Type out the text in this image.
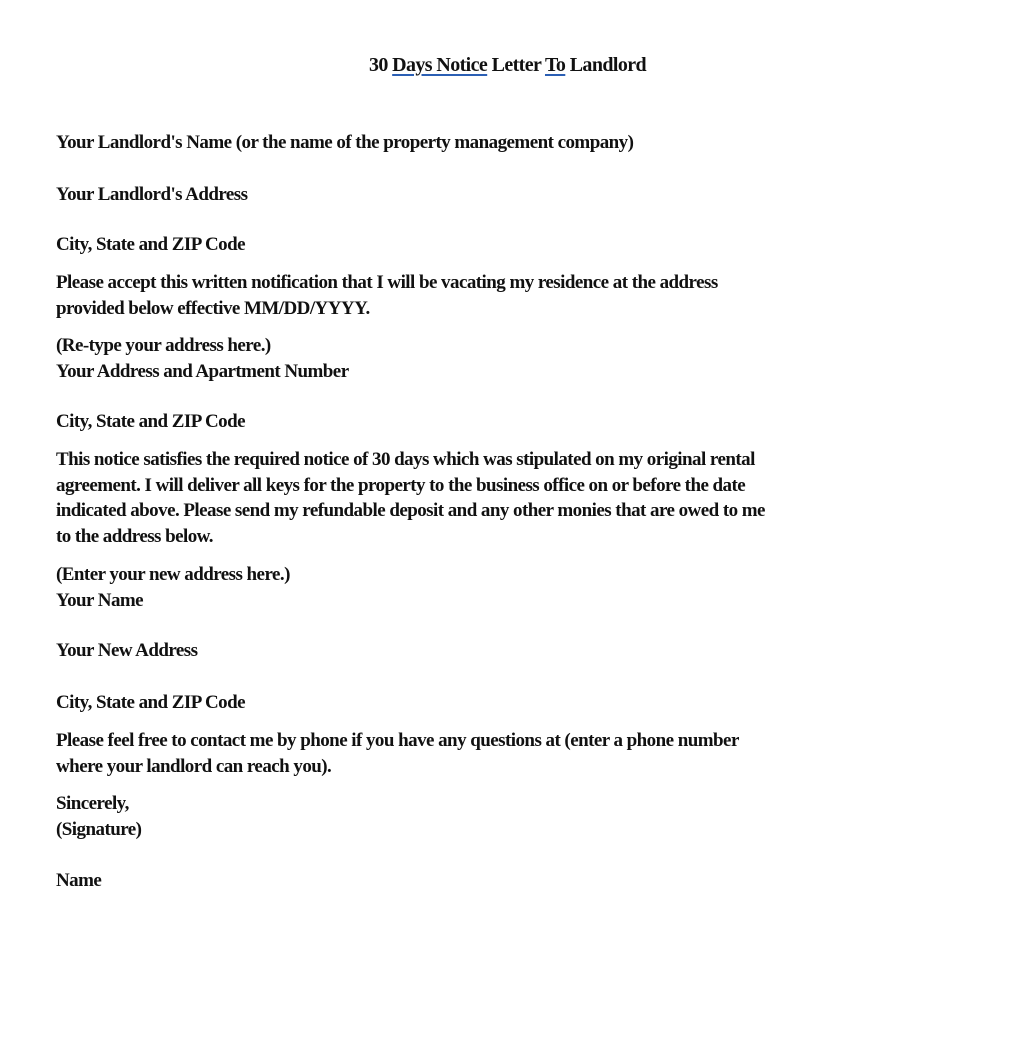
30 Days Notice Letter To Landlord
Your Landlord's Name (or the name of the property management company)
Your Landlord's Address
City, State and ZIP Code
Please accept this written notification that I will be vacating my residence at the address
provided below effective MM/DD/YYYY.
(Re-type your address here.)
Your Address and Apartment Number
City, State and ZIP Code
This notice satisfies the required notice of 30 days which was stipulated on my original rental
agreement. I will deliver all keys for the property to the business office on or before the date
indicated above. Please send my refundable deposit and any other monies that are owed to me
to the address below.
(Enter your new address here.)
Your Name
Your New Address
City, State and ZIP Code
Please feel free to contact me by phone if you have any questions at (enter a phone number
where your landlord can reach you).
Sincerely,
(Signature)
Name
